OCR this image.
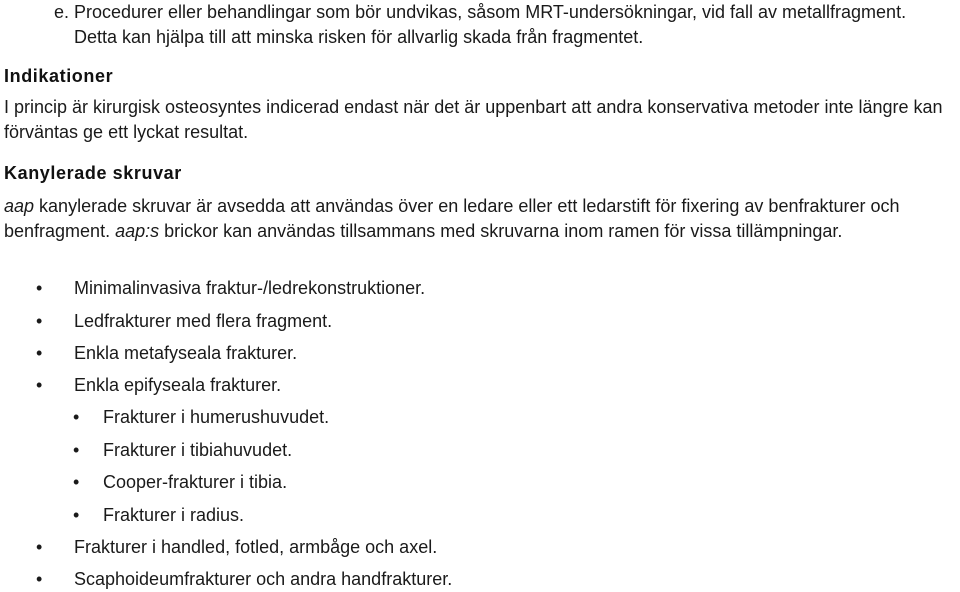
e. Procedurer eller behandlingar som bör undvikas, såsom MRT-undersökningar, vid fall av metallfragment. Detta kan hjälpa till att minska risken för allvarlig skada från fragmentet.
Indikationer
I princip är kirurgisk osteosyntes indicerad endast när det är uppenbart att andra konservativa metoder inte längre kan förväntas ge ett lyckat resultat.
Kanylerade skruvar
aap kanylerade skruvar är avsedda att användas över en ledare eller ett ledarstift för fixering av benfrakturer och benfragment. aap:s brickor kan användas tillsammans med skruvarna inom ramen för vissa tillämpningar.
• Minimalinvasiva fraktur-/ledrekonstruktioner.
• Ledfrakturer med flera fragment.
• Enkla metafyseala frakturer.
• Enkla epifyseala frakturer.
• Frakturer i humerushuvudet.
• Frakturer i tibiahuvudet.
• Cooper-frakturer i tibia.
• Frakturer i radius.
• Frakturer i handled, fotled, armbåge och axel.
• Scaphoideumfrakturer och andra handfrakturer.
